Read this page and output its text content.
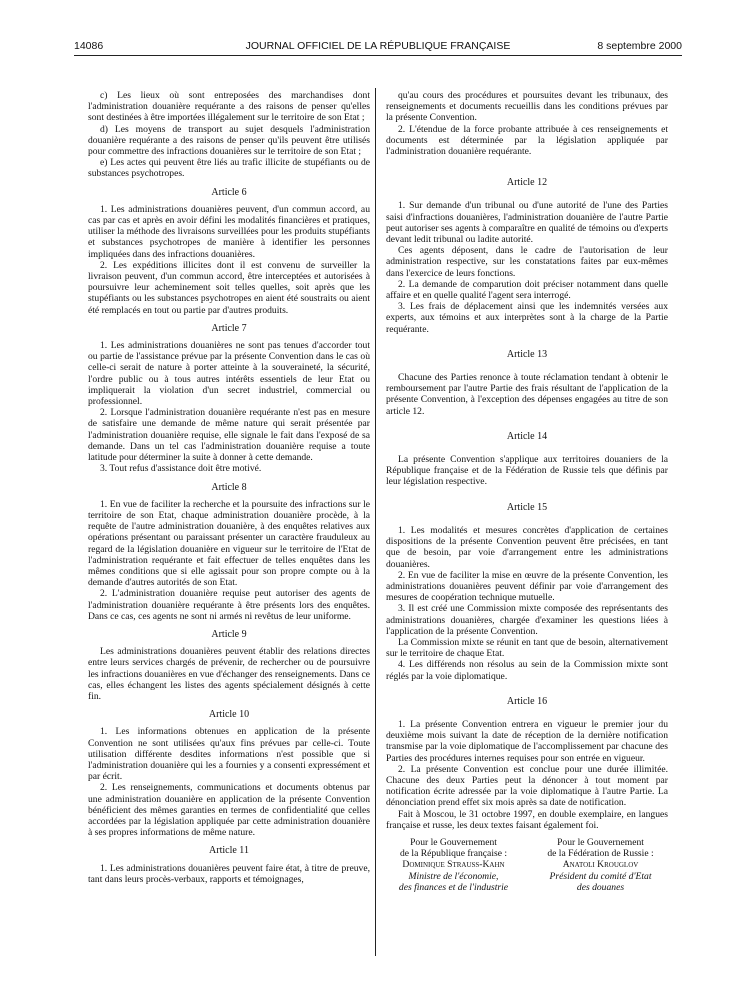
14086	JOURNAL OFFICIEL DE LA RÉPUBLIQUE FRANÇAISE	8 septembre 2000

c) Les lieux où sont entreposées des marchandises dont l'administration douanière requérante a des raisons de penser qu'elles sont destinées à être importées illégalement sur le territoire de son Etat ;

d) Les moyens de transport au sujet desquels l'administration douanière requérante a des raisons de penser qu'ils peuvent être utilisés pour commettre des infractions douanières sur le territoire de son Etat ;

e) Les actes qui peuvent être liés au trafic illicite de stupéfiants ou de substances psychotropes.

Article 6

1. Les administrations douanières peuvent, d'un commun accord, au cas par cas et après en avoir défini les modalités financières et pratiques, utiliser la méthode des livraisons surveillées pour les produits stupéfiants et substances psychotropes de manière à identifier les personnes impliquées dans des infractions douanières.

2. Les expéditions illicites dont il est convenu de surveiller la livraison peuvent, d'un commun accord, être interceptées et autorisées à poursuivre leur acheminement soit telles quelles, soit après que les stupéfiants ou les substances psychotropes en aient été soustraits ou aient été remplacés en tout ou partie par d'autres produits.

Article 7

1. Les administrations douanières ne sont pas tenues d'accorder tout ou partie de l'assistance prévue par la présente Convention dans le cas où celle-ci serait de nature à porter atteinte à la souveraineté, la sécurité, l'ordre public ou à tous autres intérêts essentiels de leur Etat ou impliquerait la violation d'un secret industriel, commercial ou professionnel.

2. Lorsque l'administration douanière requérante n'est pas en mesure de satisfaire une demande de même nature qui serait présentée par l'administration douanière requise, elle signale le fait dans l'exposé de sa demande. Dans un tel cas l'administration douanière requise a toute latitude pour déterminer la suite à donner à cette demande.

3. Tout refus d'assistance doit être motivé.

Article 8

1. En vue de faciliter la recherche et la poursuite des infractions sur le territoire de son Etat, chaque administration douanière procède, à la requête de l'autre administration douanière, à des enquêtes relatives aux opérations présentant ou paraissant présenter un caractère frauduleux au regard de la législation douanière en vigueur sur le territoire de l'Etat de l'administration requérante et fait effectuer de telles enquêtes dans les mêmes conditions que si elle agissait pour son propre compte ou à la demande d'autres autorités de son Etat.

2. L'administration douanière requise peut autoriser des agents de l'administration douanière requérante à être présents lors des enquêtes. Dans ce cas, ces agents ne sont ni armés ni revêtus de leur uniforme.

Article 9

Les administrations douanières peuvent établir des relations directes entre leurs services chargés de prévenir, de rechercher ou de poursuivre les infractions douanières en vue d'échanger des renseignements. Dans ce cas, elles échangent les listes des agents spécialement désignés à cette fin.

Article 10

1. Les informations obtenues en application de la présente Convention ne sont utilisées qu'aux fins prévues par celle-ci. Toute utilisation différente desdites informations n'est possible que si l'administration douanière qui les a fournies y a consenti expressément et par écrit.

2. Les renseignements, communications et documents obtenus par une administration douanière en application de la présente Convention bénéficient des mêmes garanties en termes de confidentialité que celles accordées par la législation appliquée par cette administration douanière à ses propres informations de même nature.

Article 11

1. Les administrations douanières peuvent faire état, à titre de preuve, tant dans leurs procès-verbaux, rapports et témoignages,

qu'au cours des procédures et poursuites devant les tribunaux, des renseignements et documents recueillis dans les conditions prévues par la présente Convention.

2. L'étendue de la force probante attribuée à ces renseignements et documents est déterminée par la législation appliquée par l'administration douanière requérante.

Article 12

1. Sur demande d'un tribunal ou d'une autorité de l'une des Parties saisi d'infractions douanières, l'administration douanière de l'autre Partie peut autoriser ses agents à comparaître en qualité de témoins ou d'experts devant ledit tribunal ou ladite autorité.

Ces agents déposent, dans le cadre de l'autorisation de leur administration respective, sur les constatations faites par eux-mêmes dans l'exercice de leurs fonctions.

2. La demande de comparution doit préciser notamment dans quelle affaire et en quelle qualité l'agent sera interrogé.

3. Les frais de déplacement ainsi que les indemnités versées aux experts, aux témoins et aux interprètes sont à la charge de la Partie requérante.

Article 13

Chacune des Parties renonce à toute réclamation tendant à obtenir le remboursement par l'autre Partie des frais résultant de l'application de la présente Convention, à l'exception des dépenses engagées au titre de son article 12.

Article 14

La présente Convention s'applique aux territoires douaniers de la République française et de la Fédération de Russie tels que définis par leur législation respective.

Article 15

1. Les modalités et mesures concrètes d'application de certaines dispositions de la présente Convention peuvent être précisées, en tant que de besoin, par voie d'arrangement entre les administrations douanières.

2. En vue de faciliter la mise en œuvre de la présente Convention, les administrations douanières peuvent définir par voie d'arrangement des mesures de coopération technique mutuelle.

3. Il est créé une Commission mixte composée des représentants des administrations douanières, chargée d'examiner les questions liées à l'application de la présente Convention.

La Commission mixte se réunit en tant que de besoin, alternativement sur le territoire de chaque Etat.

4. Les différends non résolus au sein de la Commission mixte sont réglés par la voie diplomatique.

Article 16

1. La présente Convention entrera en vigueur le premier jour du deuxième mois suivant la date de réception de la dernière notification transmise par la voie diplomatique de l'accomplissement par chacune des Parties des procédures internes requises pour son entrée en vigueur.

2. La présente Convention est conclue pour une durée illimitée. Chacune des deux Parties peut la dénoncer à tout moment par notification écrite adressée par la voie diplomatique à l'autre Partie. La dénonciation prend effet six mois après sa date de notification.

Fait à Moscou, le 31 octobre 1997, en double exemplaire, en langues française et russe, les deux textes faisant également foi.

Pour le Gouvernement
de la République française :
Dominique Strauss-Kahn
Ministre de l'économie,
des finances et de l'industrie
Pour le Gouvernement
de la Fédération de Russie :
Anatoli Krouglov
Président du comité d'Etat
des douanes
